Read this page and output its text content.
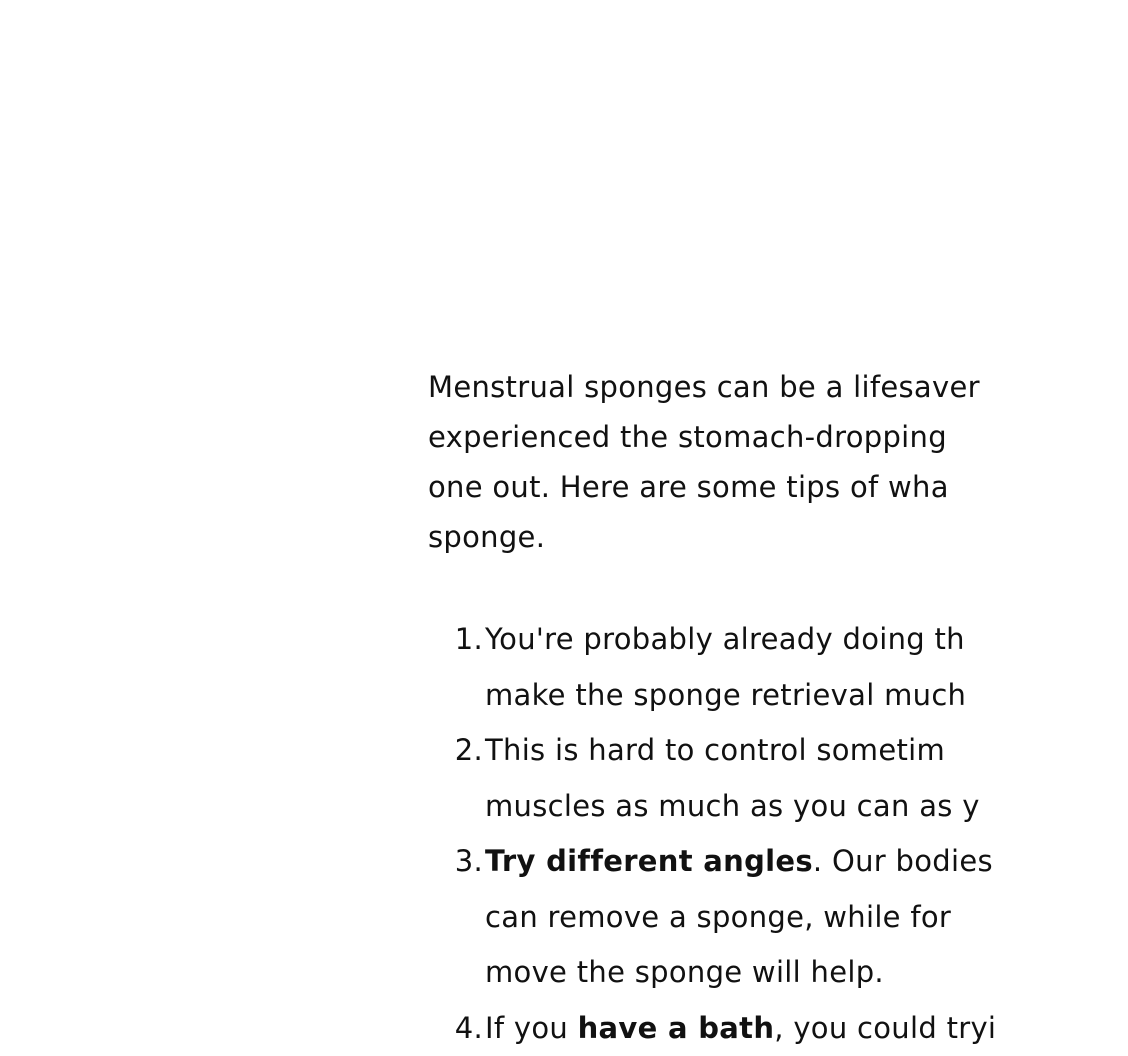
Menstrual sponges can be a lifesaver
experienced the stomach-dropping
one out. Here are some tips of wha
sponge.

1. You're probably already doing th
make the sponge retrieval much
2. This is hard to control sometim
muscles as much as you can as y
3. Try different angles. Our bodies
can remove a sponge, while for
move the sponge will help.
4. If you have a bath, you could tryi
